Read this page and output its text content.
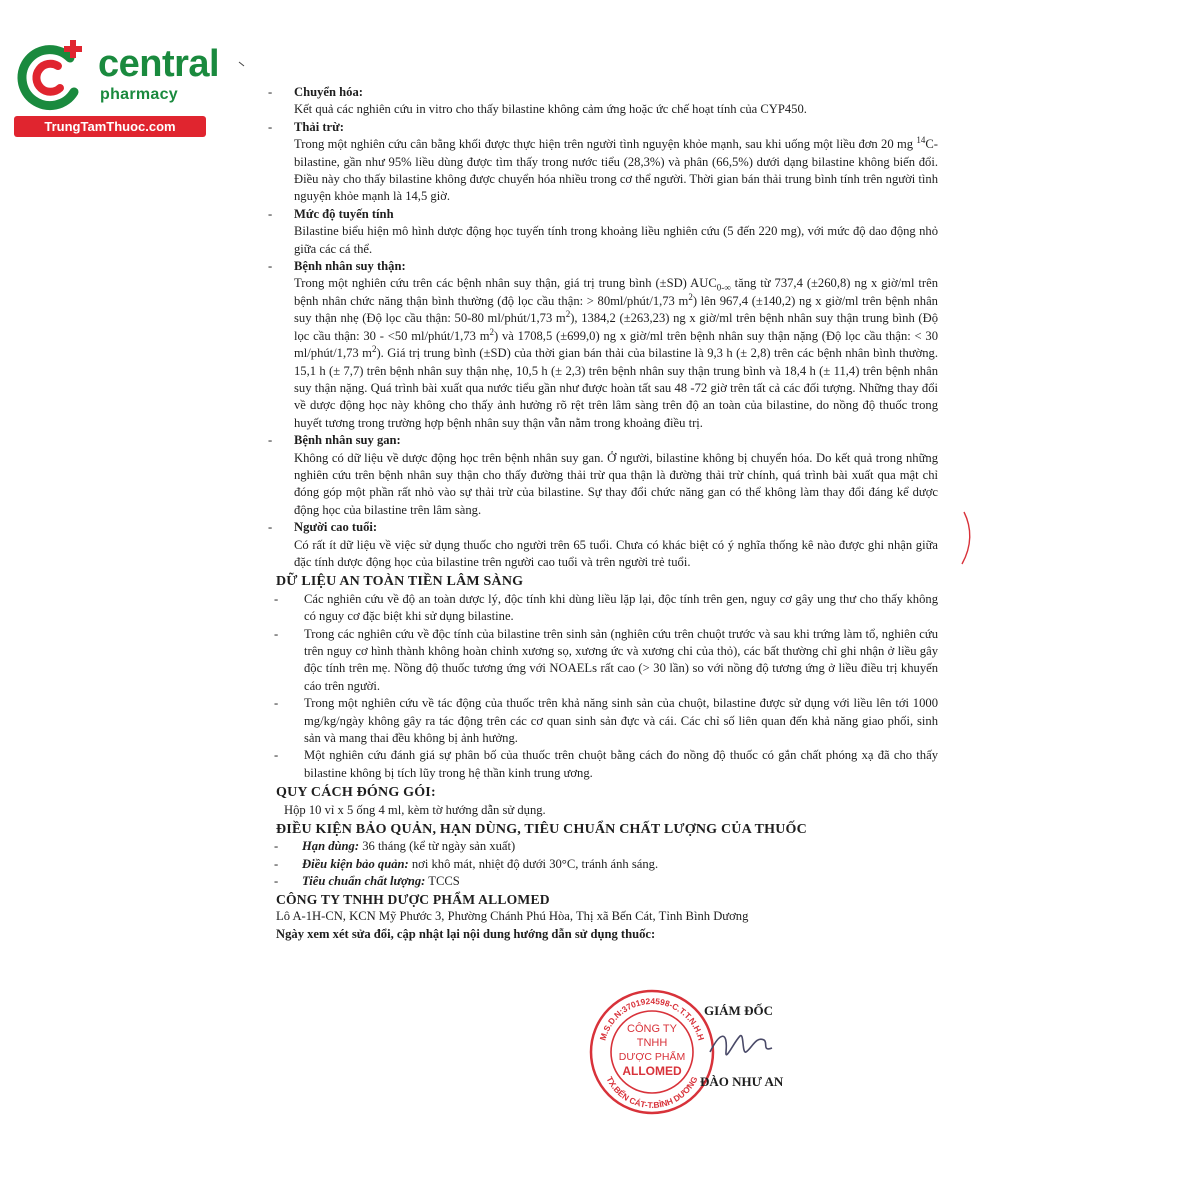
central
pharmacy
TrungTamThuoc.com
-	Chuyển hóa:
Kết quả các nghiên cứu in vitro cho thấy bilastine không cảm ứng hoặc ức chế hoạt tính của CYP450.
-	Thải trừ:
Trong một nghiên cứu cân bằng khối được thực hiện trên người tình nguyện khỏe mạnh, sau khi uống một liều đơn 20 mg $^{14}$C-bilastine, gần như 95% liều dùng được tìm thấy trong nước tiểu (28,3%) và phân (66,5%) dưới dạng bilastine không biến đổi. Điều này cho thấy bilastine không được chuyển hóa nhiều trong cơ thể người. Thời gian bán thải trung bình tính trên người tình nguyện khỏe mạnh là 14,5 giờ.
-	Mức độ tuyến tính
Bilastine biểu hiện mô hình dược động học tuyến tính trong khoảng liều nghiên cứu (5 đến 220 mg), với mức độ dao động nhỏ giữa các cá thể.
-	Bệnh nhân suy thận:
Trong một nghiên cứu trên các bệnh nhân suy thận, giá trị trung bình (±SD) $AUC_{0-\infty}$ tăng từ 737,4 (±260,8) ng x giờ/ml trên bệnh nhân chức năng thận bình thường (độ lọc cầu thận: > 80ml/phút/1,73 $m^2$) lên 967,4 (±140,2) ng x giờ/ml trên bệnh nhân suy thận nhẹ (Độ lọc cầu thận: 50-80 ml/phút/1,73 $m^2$), 1384,2 (±263,23) ng x giờ/ml trên bệnh nhân suy thận trung bình (Độ lọc cầu thận: 30 - <50 ml/phút/1,73 $m^2$) và 1708,5 (±699,0) ng x giờ/ml trên bệnh nhân suy thận nặng (Độ lọc cầu thận: < 30 ml/phút/1,73 $m^2$). Giá trị trung bình (±SD) của thời gian bán thải của bilastine là 9,3 h (± 2,8) trên các bệnh nhân bình thường. 15,1 h (± 7,7) trên bệnh nhân suy thận nhẹ, 10,5 h (± 2,3) trên bệnh nhân suy thận trung bình và 18,4 h (± 11,4) trên bệnh nhân suy thận nặng. Quá trình bài xuất qua nước tiểu gần như được hoàn tất sau 48 -72 giờ trên tất cả các đối tượng. Những thay đổi về dược động học này không cho thấy ảnh hưởng rõ rệt trên lâm sàng trên độ an toàn của bilastine, do nồng độ thuốc trong huyết tương trong trường hợp bệnh nhân suy thận vẫn nằm trong khoảng điều trị.
-	Bệnh nhân suy gan:
Không có dữ liệu về dược động học trên bệnh nhân suy gan. Ở người, bilastine không bị chuyển hóa. Do kết quả trong những nghiên cứu trên bệnh nhân suy thận cho thấy đường thải trừ qua thận là đường thải trừ chính, quá trình bài xuất qua mật chỉ đóng góp một phần rất nhỏ vào sự thải trừ của bilastine. Sự thay đổi chức năng gan có thể không làm thay đổi đáng kể dược động học của bilastine trên lâm sàng.
-	Người cao tuổi:
Có rất ít dữ liệu về việc sử dụng thuốc cho người trên 65 tuổi. Chưa có khác biệt có ý nghĩa thống kê nào được ghi nhận giữa đặc tính dược động học của bilastine trên người cao tuổi và trên người trẻ tuổi.
DỮ LIỆU AN TOÀN TIỀN LÂM SÀNG
- Các nghiên cứu về độ an toàn dược lý, độc tính khi dùng liều lặp lại, độc tính trên gen, nguy cơ gây ung thư cho thấy không có nguy cơ đặc biệt khi sử dụng bilastine.
- Trong các nghiên cứu về độc tính của bilastine trên sinh sản (nghiên cứu trên chuột trước và sau khi trứng làm tổ, nghiên cứu trên nguy cơ hình thành không hoàn chỉnh xương sọ, xương ức và xương chi của thỏ), các bất thường chỉ ghi nhận ở liều gây độc tính trên mẹ. Nồng độ thuốc tương ứng với NOAELs rất cao (> 30 lần) so với nồng độ tương ứng ở liều điều trị khuyến cáo trên người.
- Trong một nghiên cứu về tác động của thuốc trên khả năng sinh sản của chuột, bilastine được sử dụng với liều lên tới 1000 mg/kg/ngày không gây ra tác động trên các cơ quan sinh sản đực và cái. Các chỉ số liên quan đến khả năng giao phối, sinh sản và mang thai đều không bị ảnh hưởng.
- Một nghiên cứu đánh giá sự phân bố của thuốc trên chuột bằng cách đo nồng độ thuốc có gắn chất phóng xạ đã cho thấy bilastine không bị tích lũy trong hệ thần kinh trung ương.
QUY CÁCH ĐÓNG GÓI:
Hộp 10 vỉ x 5 ống 4 ml, kèm tờ hướng dẫn sử dụng.
ĐIỀU KIỆN BẢO QUẢN, HẠN DÙNG, TIÊU CHUẨN CHẤT LƯỢNG CỦA THUỐC
- Hạn dùng: 36 tháng (kể từ ngày sản xuất)
- Điều kiện bảo quản: nơi khô mát, nhiệt độ dưới 30°C, tránh ánh sáng.
- Tiêu chuẩn chất lượng: TCCS
CÔNG TY TNHH DƯỢC PHẨM ALLOMED
Lô A-1H-CN, KCN Mỹ Phước 3, Phường Chánh Phú Hòa, Thị xã Bến Cát, Tỉnh Bình Dương
Ngày xem xét sửa đổi, cập nhật lại nội dung hướng dẫn sử dụng thuốc:
M.S.D.N:3701924598-C.T.T.N.H.H
TX.BẾN CÁT-T.BÌNH DƯƠNG
CÔNG TY
TNHH
DƯỢC PHẨM
ALLOMED
GIÁM ĐỐC
ĐÀO NHƯ AN
